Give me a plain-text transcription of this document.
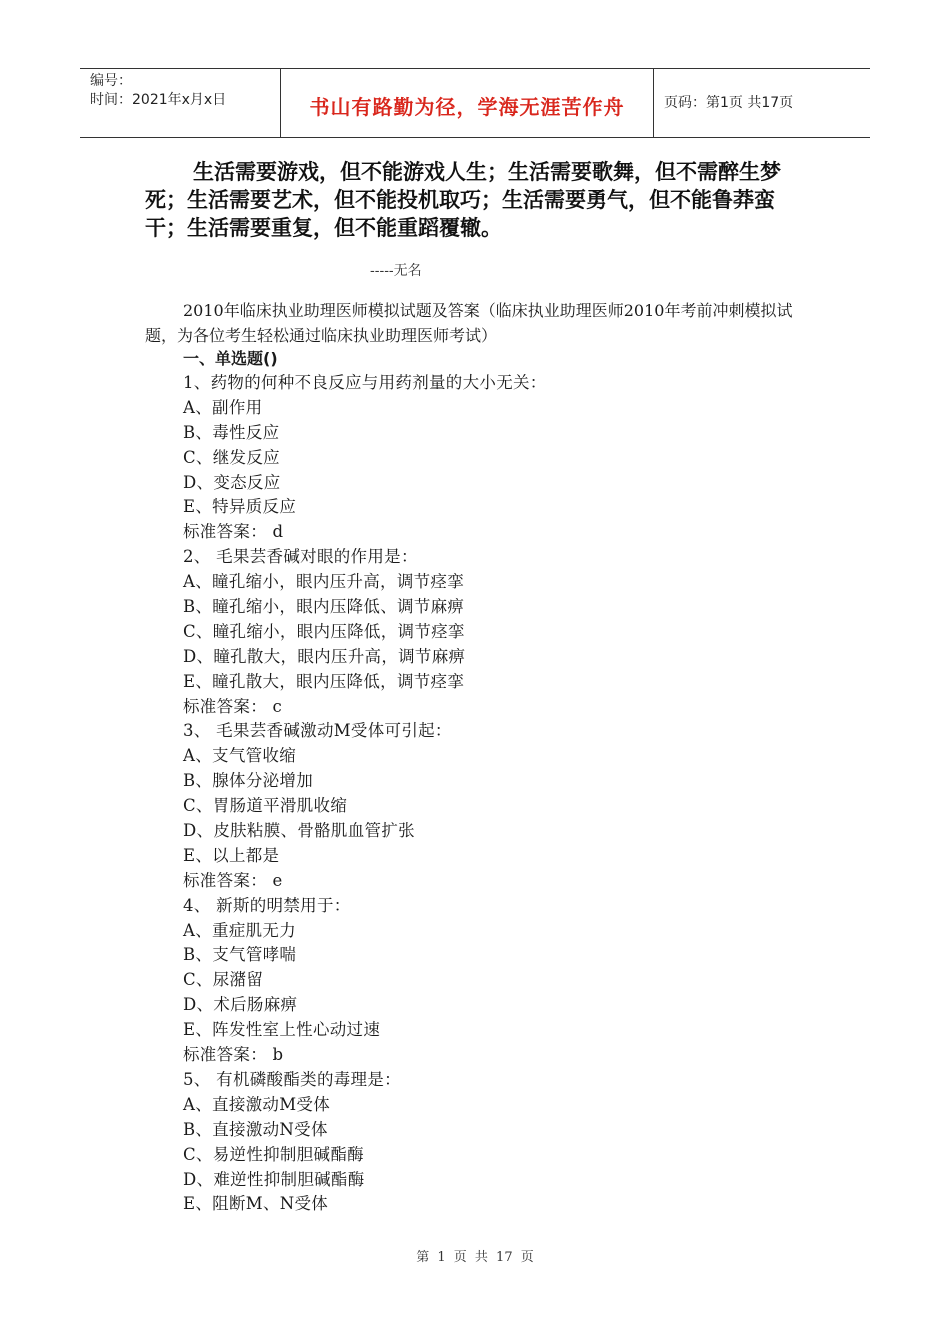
编号：
时间：2021年x月x日	书山有路勤为径，学海无涯苦作舟	页码：第1页 共17页
生活需要游戏，但不能游戏人生；生活需要歌舞，但不需醉生梦死；生活需要艺术，但不能投机取巧；生活需要勇气，但不能鲁莽蛮干；生活需要重复，但不能重蹈覆辙。
-----无名
2010年临床执业助理医师模拟试题及答案（临床执业助理医师2010年考前冲刺模拟试题，为各位考生轻松通过临床执业助理医师考试）
一、单选题()
1、药物的何种不良反应与用药剂量的大小无关：
A、副作用
B、毒性反应
C、继发反应
D、变态反应
E、特异质反应
标准答案： d
2、 毛果芸香碱对眼的作用是：
A、瞳孔缩小，眼内压升高，调节痉挛
B、瞳孔缩小，眼内压降低、调节麻痹
C、瞳孔缩小，眼内压降低，调节痉挛
D、瞳孔散大，眼内压升高，调节麻痹
E、瞳孔散大，眼内压降低，调节痉挛
标准答案： c
3、 毛果芸香碱激动M受体可引起：
A、支气管收缩
B、腺体分泌增加
C、胃肠道平滑肌收缩
D、皮肤粘膜、骨骼肌血管扩张
E、以上都是
标准答案： e
4、 新斯的明禁用于：
A、重症肌无力
B、支气管哮喘
C、尿潴留
D、术后肠麻痹
E、阵发性室上性心动过速
标准答案： b
5、 有机磷酸酯类的毒理是：
A、直接激动M受体
B、直接激动N受体
C、易逆性抑制胆碱酯酶
D、难逆性抑制胆碱酯酶
E、阻断M、N受体
第 1 页 共 17 页
